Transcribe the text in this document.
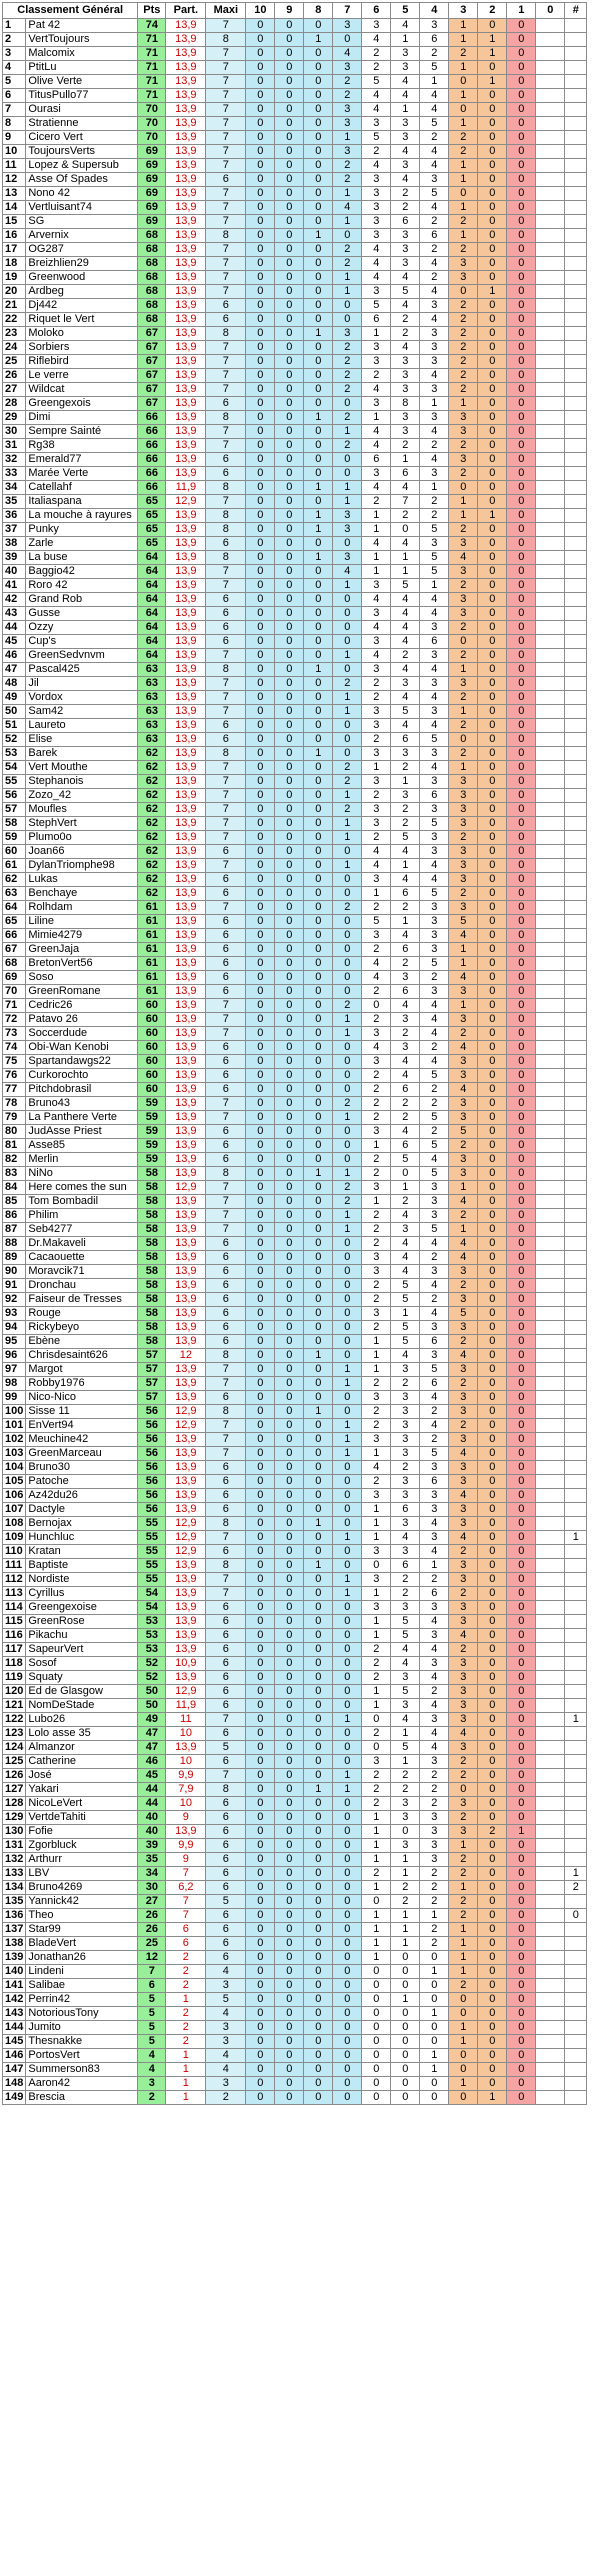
Classement Général		Pts	Part.	Maxi	10	9	8	7	6	5	4	3	2	1	0	#
1	Pat 42	74	13,9	7	0	0	0	3	3	4	3	1	0	0		
2	VertToujours	71	13,9	8	0	0	1	0	4	1	6	1	1	0		
3	Malcomix	71	13,9	7	0	0	0	4	2	3	2	2	1	0		
4	PtitLu	71	13,9	7	0	0	0	3	2	3	5	1	0	0		
5	Olive Verte	71	13,9	7	0	0	0	2	5	4	1	0	1	0		
6	TitusPullo77	71	13,9	7	0	0	0	2	4	4	4	1	0	0		
7	Ourasi	70	13,9	7	0	0	0	3	4	1	4	0	0	0		
8	Stratienne	70	13,9	7	0	0	0	3	3	3	5	1	0	0		
9	Cicero Vert	70	13,9	7	0	0	0	1	5	3	2	2	0	0		
10	ToujoursVerts	69	13,9	7	0	0	0	3	2	4	4	2	0	0		
11	Lopez & Supersub	69	13,9	7	0	0	0	2	4	3	4	1	0	0		
12	Asse Of Spades	69	13,9	6	0	0	0	2	3	4	3	1	0	0		
13	Nono 42	69	13,9	7	0	0	0	1	3	2	5	0	0	0		
14	Vertluisant74	69	13,9	7	0	0	0	4	3	2	4	1	0	0		
15	SG	69	13,9	7	0	0	0	1	3	6	2	2	0	0		
16	Arvernix	68	13,9	8	0	0	1	0	3	3	6	1	0	0		
17	OG287	68	13,9	7	0	0	0	2	4	3	2	2	0	0		
18	Breizhlien29	68	13,9	7	0	0	0	2	4	3	4	3	0	0		
19	Greenwood	68	13,9	7	0	0	0	1	4	4	2	3	0	0		
20	Ardbeg	68	13,9	7	0	0	0	1	3	5	4	0	1	0		
21	Dj442	68	13,9	6	0	0	0	0	5	4	3	2	0	0		
22	Riquet le Vert	68	13,9	6	0	0	0	0	6	2	4	2	0	0		
23	Moloko	67	13,9	8	0	0	1	3	1	2	3	2	0	0		
24	Sorbiers	67	13,9	7	0	0	0	2	3	4	3	2	0	0		
25	Riflebird	67	13,9	7	0	0	0	2	3	3	3	2	0	0		
26	Le verre	67	13,9	7	0	0	0	2	2	3	4	2	0	0		
27	Wildcat	67	13,9	7	0	0	0	2	4	3	3	2	0	0		
28	Greengexois	67	13,9	6	0	0	0	0	3	8	1	1	0	0		
29	Dimi	66	13,9	8	0	0	1	2	1	3	3	3	0	0		
30	Sempre Sainté	66	13,9	7	0	0	0	1	4	3	4	3	0	0		
31	Rg38	66	13,9	7	0	0	0	2	4	2	2	2	0	0		
32	Emerald77	66	13,9	6	0	0	0	0	6	1	4	3	0	0		
33	Marée Verte	66	13,9	6	0	0	0	0	3	6	3	2	0	0		
34	Catellahf	66	11,9	8	0	0	1	1	4	4	1	0	0	0		
35	Italiaspana	65	12,9	7	0	0	0	1	2	7	2	1	0	0		
36	La mouche à rayures	65	13,9	8	0	0	1	3	1	2	2	1	1	0		
37	Punky	65	13,9	8	0	0	1	3	1	0	5	2	0	0		
38	Zarle	65	13,9	6	0	0	0	0	4	4	3	3	0	0		
39	La buse	64	13,9	8	0	0	1	3	1	1	5	4	0	0		
40	Baggio42	64	13,9	7	0	0	0	4	1	1	5	3	0	0		
41	Roro 42	64	13,9	7	0	0	0	1	3	5	1	2	0	0		
42	Grand Rob	64	13,9	6	0	0	0	0	4	4	4	3	0	0		
43	Gusse	64	13,9	6	0	0	0	0	3	4	4	3	0	0		
44	Ozzy	64	13,9	6	0	0	0	0	4	4	3	2	0	0		
45	Cup's	64	13,9	6	0	0	0	0	3	4	6	0	0	0		
46	GreenSedvnvm	64	13,9	7	0	0	0	1	4	2	3	2	0	0		
47	Pascal425	63	13,9	8	0	0	1	0	3	4	4	1	0	0		
48	Jil	63	13,9	7	0	0	0	2	2	3	3	3	0	0		
49	Vordox	63	13,9	7	0	0	0	1	2	4	4	2	0	0		
50	Sam42	63	13,9	7	0	0	0	1	3	5	3	1	0	0		
51	Laureto	63	13,9	6	0	0	0	0	3	4	4	2	0	0		
52	Elise	63	13,9	6	0	0	0	0	2	6	5	0	0	0		
53	Barek	62	13,9	8	0	0	1	0	3	3	3	2	0	0		
54	Vert Mouthe	62	13,9	7	0	0	0	2	1	2	4	1	0	0		
55	Stephanois	62	13,9	7	0	0	0	2	3	1	3	3	0	0		
56	Zozo_42	62	13,9	7	0	0	0	1	2	3	6	3	0	0		
57	Moufles	62	13,9	7	0	0	0	2	3	2	3	3	0	0		
58	StephVert	62	13,9	7	0	0	0	1	3	2	5	3	0	0		
59	Plumo0o	62	13,9	7	0	0	0	1	2	5	3	2	0	0		
60	Joan66	62	13,9	6	0	0	0	0	4	4	3	3	0	0		
61	DylanTriomphe98	62	13,9	7	0	0	0	1	4	1	4	3	0	0		
62	Lukas	62	13,9	6	0	0	0	0	3	4	4	3	0	0		
63	Benchaye	62	13,9	6	0	0	0	0	1	6	5	2	0	0		
64	Rolhdam	61	13,9	7	0	0	0	2	2	2	3	3	0	0		
65	Liline	61	13,9	6	0	0	0	0	5	1	3	5	0	0		
66	Mimie4279	61	13,9	6	0	0	0	0	3	4	3	4	0	0		
67	GreenJaja	61	13,9	6	0	0	0	0	2	6	3	1	0	0		
68	BretonVert56	61	13,9	6	0	0	0	0	4	2	5	1	0	0		
69	Soso	61	13,9	6	0	0	0	0	4	3	2	4	0	0		
70	GreenRomane	61	13,9	6	0	0	0	0	2	6	3	3	0	0		
71	Cedric26	60	13,9	7	0	0	0	2	0	4	4	1	0	0		
72	Patavo 26	60	13,9	7	0	0	0	1	2	3	4	3	0	0		
73	Soccerdude	60	13,9	7	0	0	0	1	3	2	4	2	0	0		
74	Obi-Wan Kenobi	60	13,9	6	0	0	0	0	4	3	2	4	0	0		
75	Spartandawgs22	60	13,9	6	0	0	0	0	3	4	4	3	0	0		
76	Curkorochto	60	13,9	6	0	0	0	0	2	4	5	3	0	0		
77	Pitchdobrasil	60	13,9	6	0	0	0	0	2	6	2	4	0	0		
78	Bruno43	59	13,9	7	0	0	0	2	2	2	2	3	0	0		
79	La Panthere Verte	59	13,9	7	0	0	0	1	2	2	5	3	0	0		
80	JudAsse Priest	59	13,9	6	0	0	0	0	3	4	2	5	0	0		
81	Asse85	59	13,9	6	0	0	0	0	1	6	5	2	0	0		
82	Merlin	59	13,9	6	0	0	0	0	2	5	4	3	0	0		
83	NiNo	58	13,9	8	0	0	1	1	2	0	5	3	0	0		
84	Here comes the sun	58	12,9	7	0	0	0	2	3	1	3	1	0	0		
85	Tom Bombadil	58	13,9	7	0	0	0	2	1	2	3	4	0	0		
86	Philim	58	13,9	7	0	0	0	1	2	4	3	2	0	0		
87	Seb4277	58	13,9	7	0	0	0	1	2	3	5	1	0	0		
88	Dr.Makaveli	58	13,9	6	0	0	0	0	2	4	4	4	0	0		
89	Cacaouette	58	13,9	6	0	0	0	0	3	4	2	4	0	0		
90	Moravcik71	58	13,9	6	0	0	0	0	3	4	3	3	0	0		
91	Dronchau	58	13,9	6	0	0	0	0	2	5	4	2	0	0		
92	Faiseur de Tresses	58	13,9	6	0	0	0	0	2	5	2	3	0	0		
93	Rouge	58	13,9	6	0	0	0	0	3	1	4	5	0	0		
94	Rickybeyo	58	13,9	6	0	0	0	0	2	5	3	3	0	0		
95	Ebène	58	13,9	6	0	0	0	0	1	5	6	2	0	0		
96	Chrisdesaint626	57	12	8	0	0	1	0	1	4	3	4	0	0		
97	Margot	57	13,9	7	0	0	0	1	1	3	5	3	0	0		
98	Robby1976	57	13,9	7	0	0	0	1	2	2	6	2	0	0		
99	Nico-Nico	57	13,9	6	0	0	0	0	3	3	4	3	0	0		
100	Sisse 11	56	12,9	8	0	0	1	0	2	3	2	3	0	0		
101	EnVert94	56	12,9	7	0	0	0	1	2	3	4	2	0	0		
102	Meuchine42	56	13,9	7	0	0	0	1	3	3	2	3	0	0		
103	GreenMarceau	56	13,9	7	0	0	0	1	1	3	5	4	0	0		
104	Bruno30	56	13,9	6	0	0	0	0	4	2	3	3	0	0		
105	Patoche	56	13,9	6	0	0	0	0	2	3	6	3	0	0		
106	Az42du26	56	13,9	6	0	0	0	0	3	3	3	4	0	0		
107	Dactyle	56	13,9	6	0	0	0	0	1	6	3	3	0	0		
108	Bernojax	55	12,9	8	0	0	1	0	1	3	4	3	0	0		
109	Hunchluc	55	12,9	7	0	0	0	1	1	4	3	4	0	0		1
110	Kratan	55	12,9	6	0	0	0	0	3	3	4	2	0	0		
111	Baptiste	55	13,9	8	0	0	1	0	0	6	1	3	0	0		
112	Nordiste	55	13,9	7	0	0	0	1	3	2	2	3	0	0		
113	Cyrillus	54	13,9	7	0	0	0	1	1	2	6	2	0	0		
114	Greengexoise	54	13,9	6	0	0	0	0	3	3	3	3	0	0		
115	GreenRose	53	13,9	6	0	0	0	0	1	5	4	3	0	0		
116	Pikachu	53	13,9	6	0	0	0	0	1	5	3	4	0	0		
117	SapeurVert	53	13,9	6	0	0	0	0	2	4	4	2	0	0		
118	Sosof	52	10,9	6	0	0	0	0	2	4	3	3	0	0		
119	Squaty	52	13,9	6	0	0	0	0	2	3	4	3	0	0		
120	Ed de Glasgow	50	12,9	6	0	0	0	0	1	5	2	3	0	0		
121	NomDeStade	50	11,9	6	0	0	0	0	1	3	4	3	0	0		
122	Lubo26	49	11	7	0	0	0	1	0	4	3	3	0	0		1
123	Lolo asse 35	47	10	6	0	0	0	0	2	1	4	4	0	0		
124	Almanzor	47	13,9	5	0	0	0	0	0	5	4	3	0	0		
125	Catherine	46	10	6	0	0	0	0	3	1	3	2	0	0		
126	José	45	9,9	7	0	0	0	1	2	2	2	2	0	0		
127	Yakari	44	7,9	8	0	0	1	1	2	2	2	0	0	0		
128	NicoLeVert	44	10	6	0	0	0	0	2	3	2	3	0	0		
129	VertdeTahiti	40	9	6	0	0	0	0	1	3	3	2	0	0		
130	Fofie	40	13,9	6	0	0	0	0	1	0	3	3	2	1		
131	Zgorbluck	39	9,9	6	0	0	0	0	1	3	3	1	0	0		
132	Arthurr	35	9	6	0	0	0	0	1	1	3	2	0	0		
133	LBV	34	7	6	0	0	0	0	2	1	2	2	0	0		1
134	Bruno4269	30	6,2	6	0	0	0	0	1	2	2	1	0	0		2
135	Yannick42	27	7	5	0	0	0	0	0	2	2	2	0	0		
136	Theo	26	7	6	0	0	0	0	1	1	1	2	0	0		0
137	Star99	26	6	6	0	0	0	0	1	1	2	1	0	0		
138	BladeVert	25	6	6	0	0	0	0	1	1	2	1	0	0		
139	Jonathan26	12	2	6	0	0	0	0	1	0	0	1	0	0		
140	Lindeni	7	2	4	0	0	0	0	0	0	1	1	0	0		
141	Salibae	6	2	3	0	0	0	0	0	0	0	2	0	0		
142	Perrin42	5	1	5	0	0	0	0	0	1	0	0	0	0		
143	NotoriousTony	5	2	4	0	0	0	0	0	0	1	0	0	0		
144	Jumito	5	2	3	0	0	0	0	0	0	0	1	0	0		
145	Thesnakke	5	2	3	0	0	0	0	0	0	0	1	0	0		
146	PortosVert	4	1	4	0	0	0	0	0	0	1	0	0	0		
147	Summerson83	4	1	4	0	0	0	0	0	0	1	0	0	0		
148	Aaron42	3	1	3	0	0	0	0	0	0	0	1	0	0		
149	Brescia	2	1	2	0	0	0	0	0	0	0	0	1	0		
